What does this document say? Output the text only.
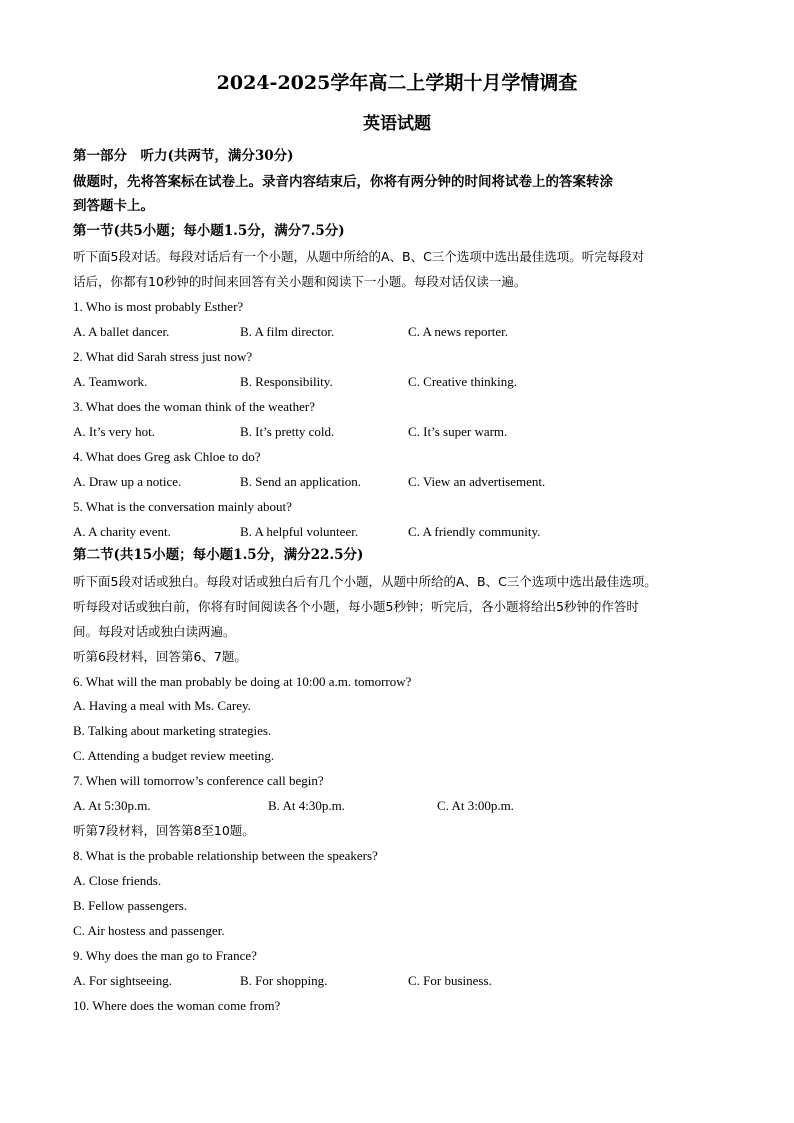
2024-2025学年高二上学期十月学情调查
英语试题
第一部分　听力(共两节，满分30分)
做题时，先将答案标在试卷上。录音内容结束后，你将有两分钟的时间将试卷上的答案转涂
到答题卡上。
第一节(共5小题；每小题1.5分，满分7.5分)
听下面5段对话。每段对话后有一个小题，从题中所给的A、B、C三个选项中选出最佳选项。听完每段对
话后，你都有10秒钟的时间来回答有关小题和阅读下一小题。每段对话仅读一遍。
1. Who is most probably Esther?
A. A ballet dancer.	B. A film director.	C. A news reporter.
2. What did Sarah stress just now?
A. Teamwork.	B. Responsibility.	C. Creative thinking.
3. What does the woman think of the weather?
A. It’s very hot.	B. It’s pretty cold.	C. It’s super warm.
4. What does Greg ask Chloe to do?
A. Draw up a notice.	B. Send an application.	C. View an advertisement.
5. What is the conversation mainly about?
A. A charity event.	B. A helpful volunteer.	C. A friendly community.
第二节(共15小题；每小题1.5分，满分22.5分)
听下面5段对话或独白。每段对话或独白后有几个小题，从题中所给的A、B、C三个选项中选出最佳选项。
听每段对话或独白前，你将有时间阅读各个小题，每小题5秒钟；听完后，各小题将给出5秒钟的作答时
间。每段对话或独白读两遍。
听第6段材料，回答第6、7题。
6. What will the man probably be doing at 10:00 a.m. tomorrow?
A. Having a meal with Ms. Carey.
B. Talking about marketing strategies.
C. Attending a budget review meeting.
7. When will tomorrow’s conference call begin?
A. At 5:30p.m.	B. At 4:30p.m.	C. At 3:00p.m.
听第7段材料，回答第8至10题。
8. What is the probable relationship between the speakers?
A. Close friends.
B. Fellow passengers.
C. Air hostess and passenger.
9. Why does the man go to France?
A. For sightseeing.	B. For shopping.	C. For business.
10. Where does the woman come from?
